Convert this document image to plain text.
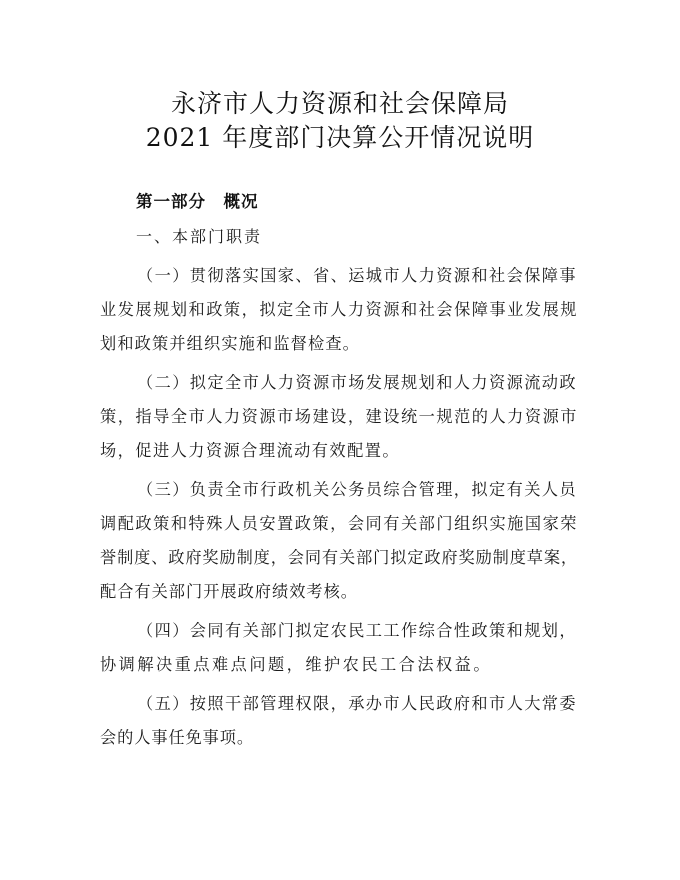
永济市人力资源和社会保障局
2021 年度部门决算公开情况说明
第一部分　概况
一、本部门职责
（一）贯彻落实国家、省、运城市人力资源和社会保障事
业发展规划和政策，拟定全市人力资源和社会保障事业发展规
划和政策并组织实施和监督检查。
（二）拟定全市人力资源市场发展规划和人力资源流动政
策，指导全市人力资源市场建设，建设统一规范的人力资源市
场，促进人力资源合理流动有效配置。
（三）负责全市行政机关公务员综合管理，拟定有关人员
调配政策和特殊人员安置政策，会同有关部门组织实施国家荣
誉制度、政府奖励制度，会同有关部门拟定政府奖励制度草案，
配合有关部门开展政府绩效考核。
（四）会同有关部门拟定农民工工作综合性政策和规划，
协调解决重点难点问题，维护农民工合法权益。
（五）按照干部管理权限，承办市人民政府和市人大常委
会的人事任免事项。
